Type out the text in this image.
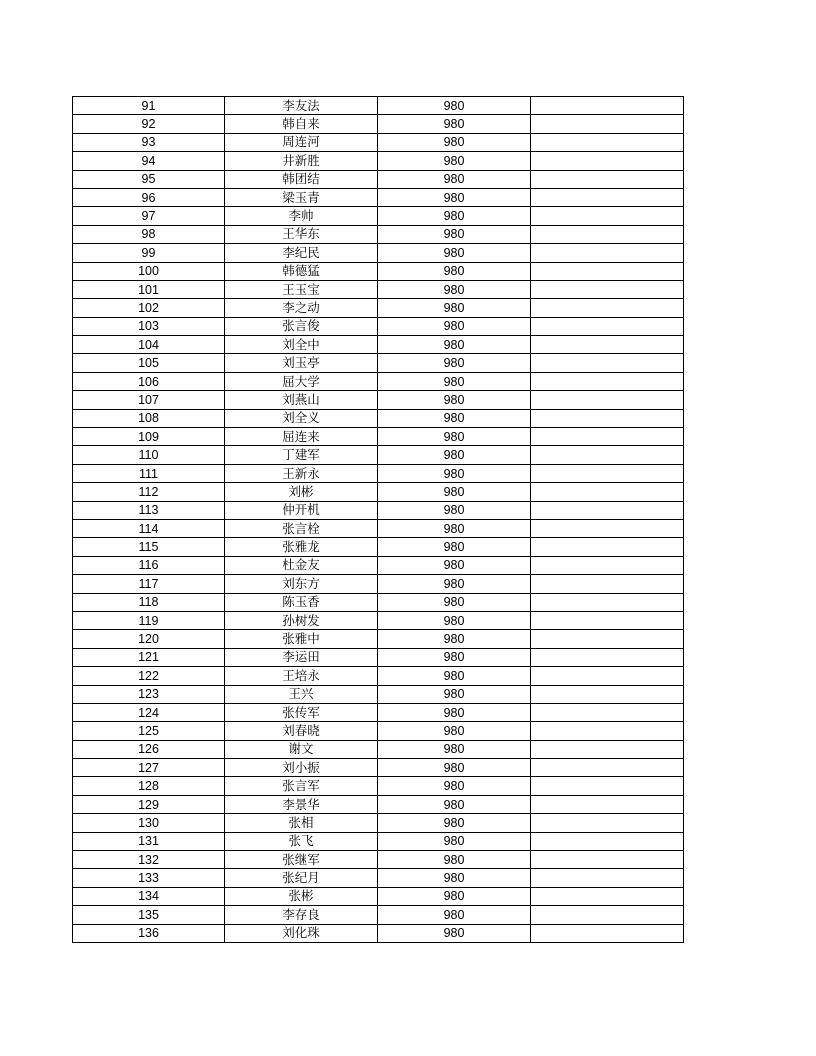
91	李友法	980	
92	韩自来	980	
93	周连河	980	
94	井新胜	980	
95	韩团结	980	
96	梁玉青	980	
97	李帅	980	
98	王华东	980	
99	李纪民	980	
100	韩德猛	980	
101	王玉宝	980	
102	李之动	980	
103	张言俊	980	
104	刘全中	980	
105	刘玉亭	980	
106	屈大学	980	
107	刘燕山	980	
108	刘全义	980	
109	屈连来	980	
110	丁建军	980	
111	王新永	980	
112	刘彬	980	
113	仲开机	980	
114	张言栓	980	
115	张雅龙	980	
116	杜金友	980	
117	刘东方	980	
118	陈玉香	980	
119	孙树发	980	
120	张雅中	980	
121	李运田	980	
122	王培永	980	
123	王兴	980	
124	张传军	980	
125	刘春晓	980	
126	谢文	980	
127	刘小振	980	
128	张言军	980	
129	李景华	980	
130	张相	980	
131	张飞	980	
132	张继军	980	
133	张纪月	980	
134	张彬	980	
135	李存良	980	
136	刘化珠	980	
